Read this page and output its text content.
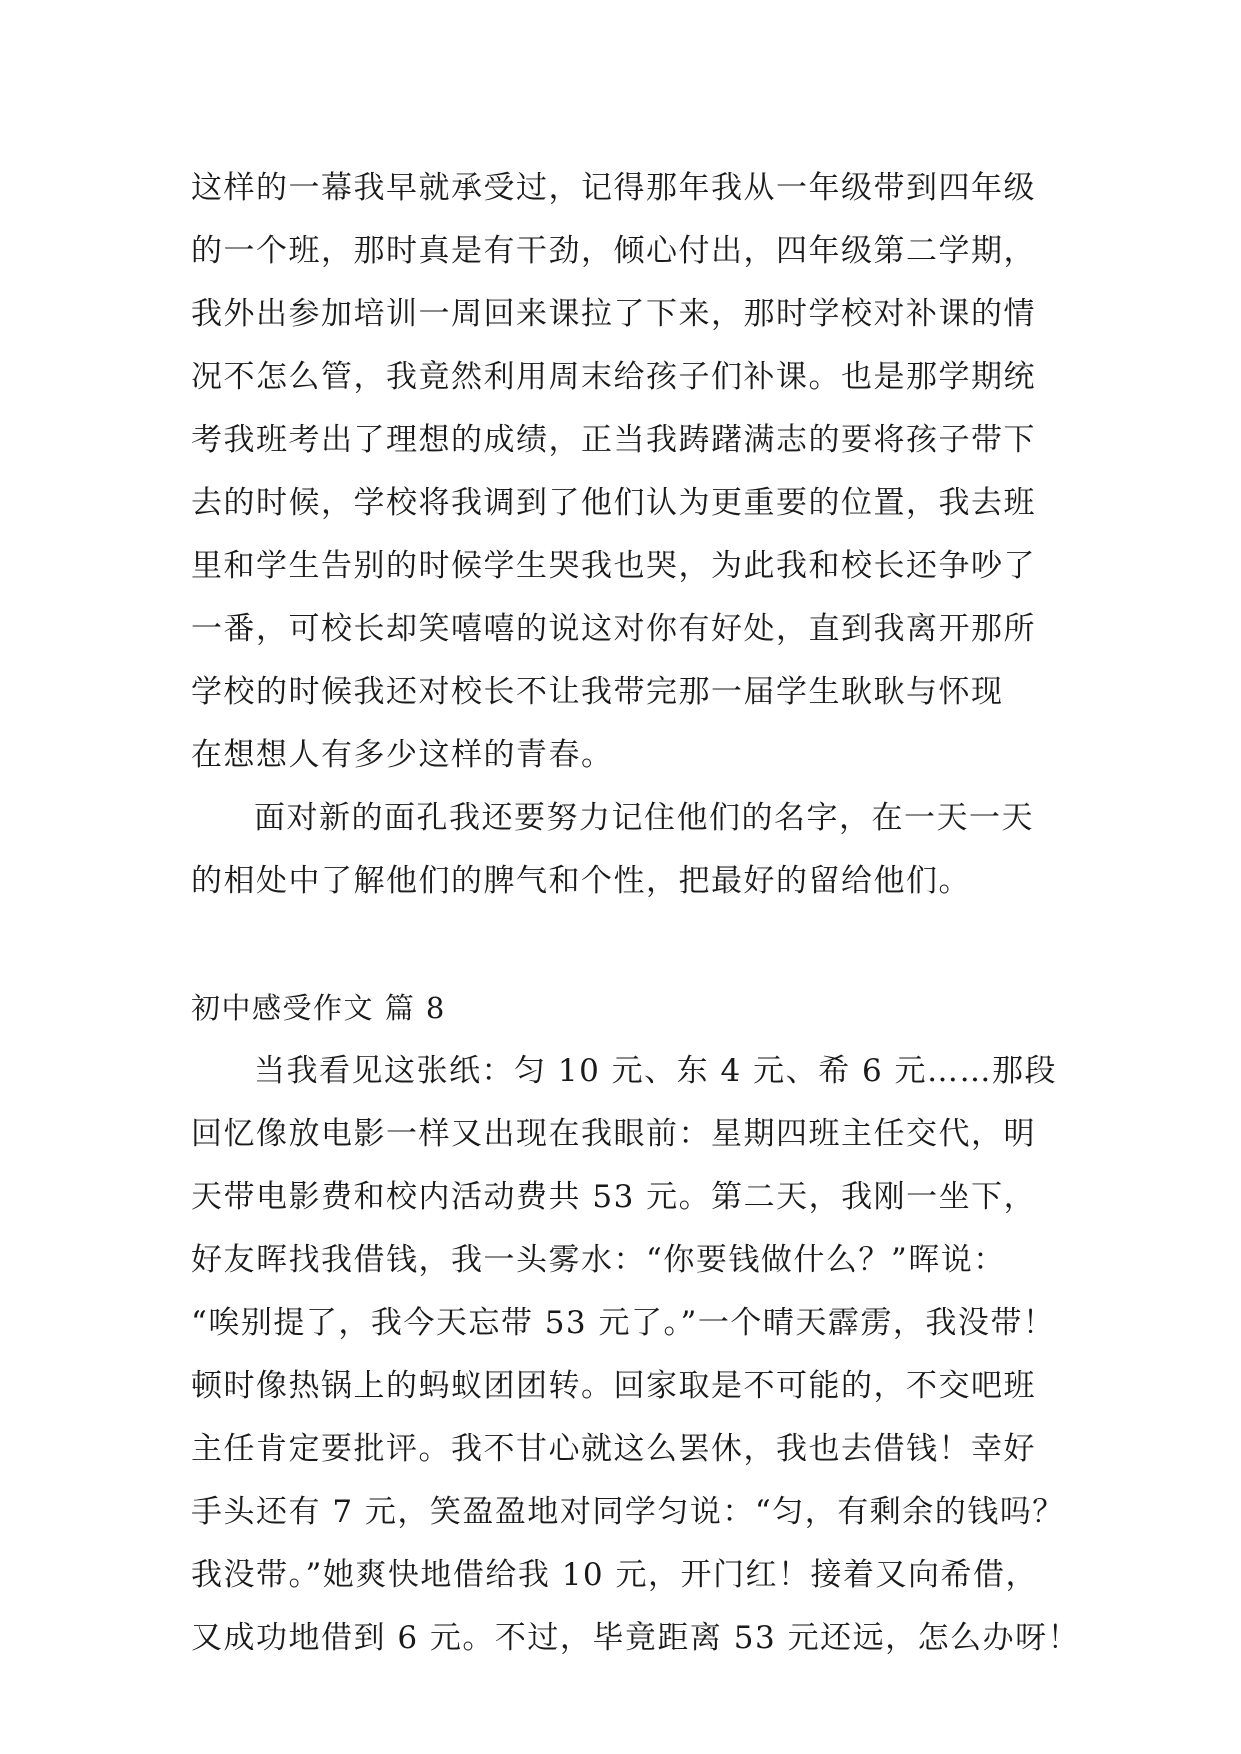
这样的一幕我早就承受过，记得那年我从一年级带到四年级
的一个班，那时真是有干劲，倾心付出，四年级第二学期，
我外出参加培训一周回来课拉了下来，那时学校对补课的情
况不怎么管，我竟然利用周末给孩子们补课。也是那学期统
考我班考出了理想的成绩，正当我踌躇满志的要将孩子带下
去的时候，学校将我调到了他们认为更重要的位置，我去班
里和学生告别的时候学生哭我也哭，为此我和校长还争吵了
一番，可校长却笑嘻嘻的说这对你有好处，直到我离开那所
学校的时候我还对校长不让我带完那一届学生耿耿与怀现
在想想人有多少这样的青春。
面对新的面孔我还要努力记住他们的名字，在一天一天
的相处中了解他们的脾气和个性，把最好的留给他们。
初中感受作文 篇 8
当我看见这张纸：匀 10 元、东 4 元、希 6 元……那段
回忆像放电影一样又出现在我眼前：星期四班主任交代，明
天带电影费和校内活动费共 53 元。第二天，我刚一坐下，
好友晖找我借钱，我一头雾水：“你要钱做什么？”晖说：
“唉别提了，我今天忘带 53 元了。”一个晴天霹雳，我没带！
顿时像热锅上的蚂蚁团团转。回家取是不可能的，不交吧班
主任肯定要批评。我不甘心就这么罢休，我也去借钱！幸好
手头还有 7 元，笑盈盈地对同学匀说：“匀，有剩余的钱吗？
我没带。”她爽快地借给我 10 元，开门红！接着又向希借，
又成功地借到 6 元。不过，毕竟距离 53 元还远，怎么办呀！
